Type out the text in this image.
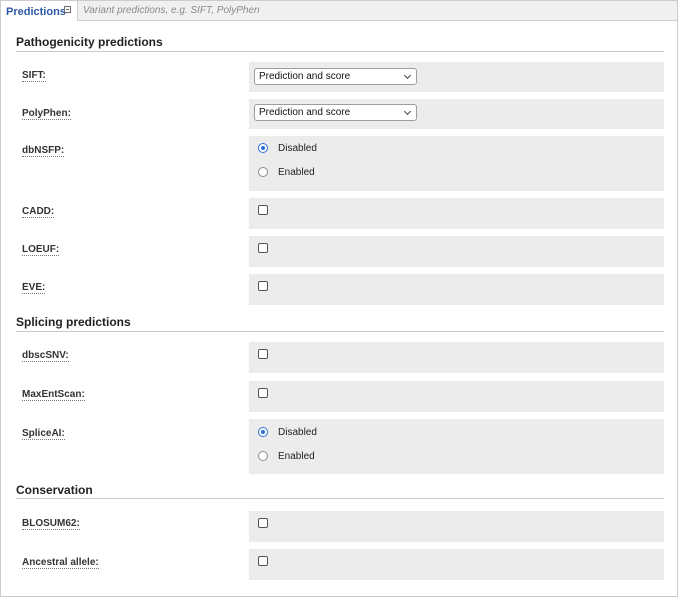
Predictions	Variant predictions, e.g. SIFT, PolyPhen
Pathogenicity predictions
SIFT:	Prediction and score
PolyPhen:	Prediction and score
dbNSFP:	Disabled
Enabled
CADD:
LOEUF:
EVE:
Splicing predictions
dbscSNV:
MaxEntScan:
SpliceAI:	Disabled
Enabled
Conservation
BLOSUM62:
Ancestral allele:
